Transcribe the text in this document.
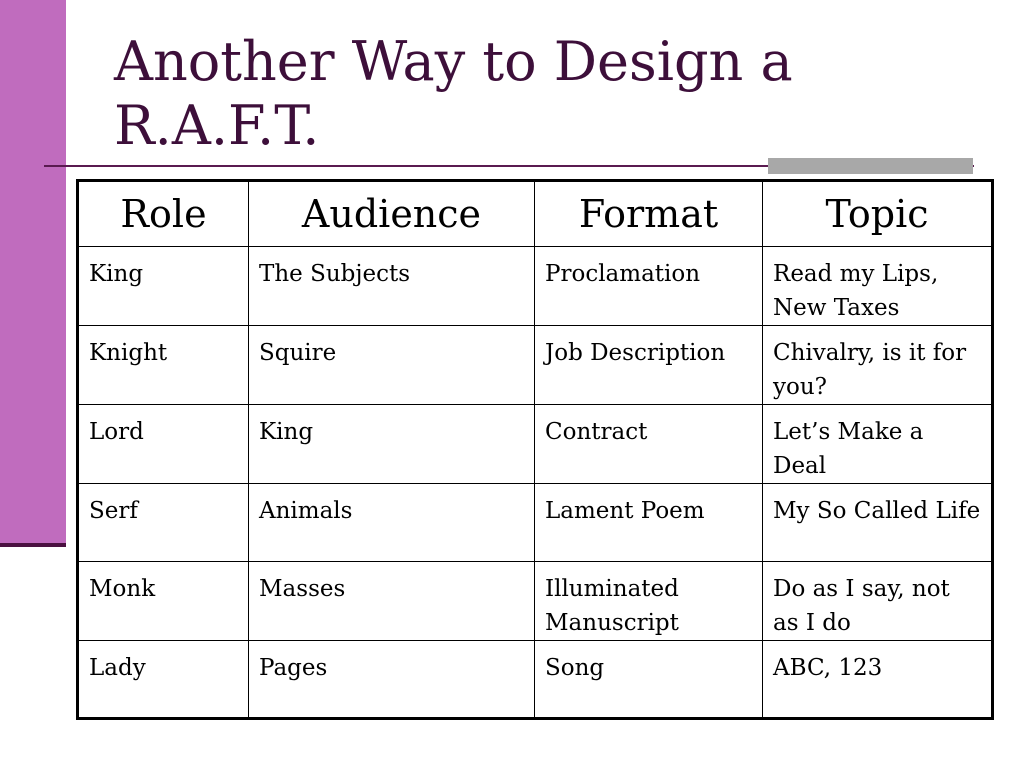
Another Way to Design a R.A.F.T.
Role	Audience	Format	Topic
King	The Subjects	Proclamation	Read my Lips, New Taxes
Knight	Squire	Job Description	Chivalry, is it for you?
Lord	King	Contract	Let’s Make a Deal
Serf	Animals	Lament Poem	My So Called Life
Monk	Masses	Illuminated Manuscript	Do as I say, not as I do
Lady	Pages	Song	ABC, 123
